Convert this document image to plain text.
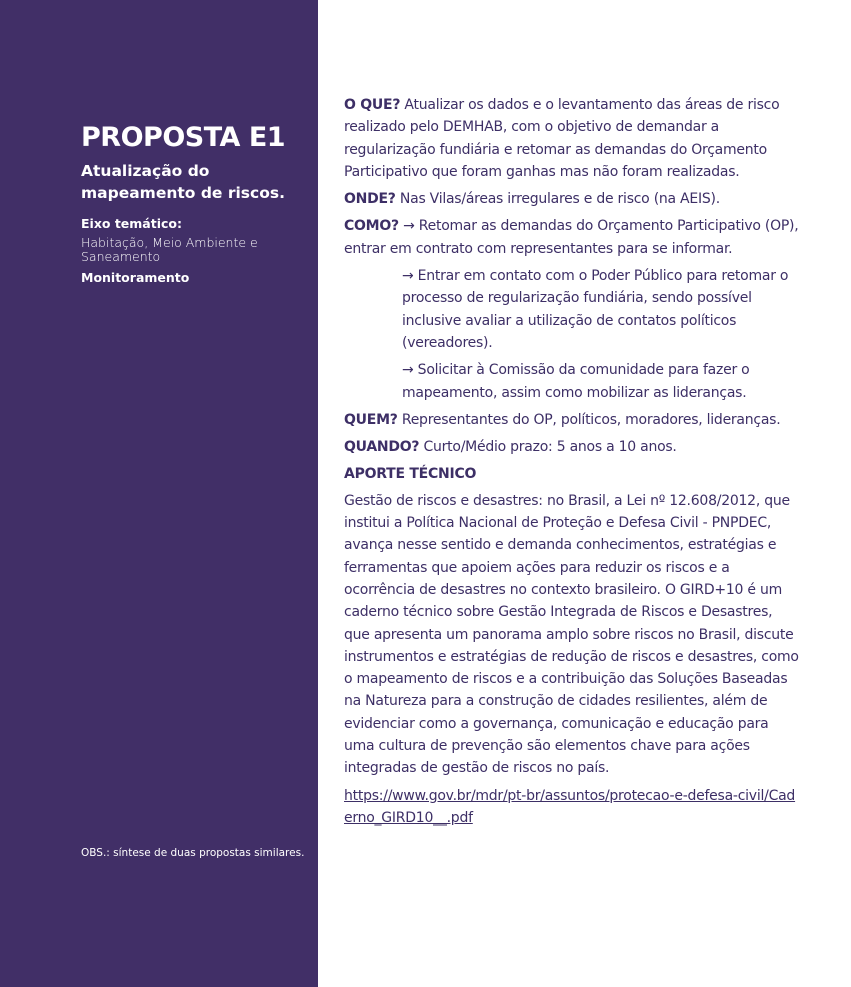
PROPOSTA E1
Atualização do mapeamento de riscos.
Eixo temático:
Habitação, Meio Ambiente e Saneamento
Monitoramento
OBS.: síntese de duas propostas similares.

O QUE? Atualizar os dados e o levantamento das áreas de risco realizado pelo DEMHAB, com o objetivo de demandar a regularização fundiária e retomar as demandas do Orçamento Participativo que foram ganhas mas não foram realizadas.

ONDE? Nas Vilas/áreas irregulares e de risco (na AEIS).

COMO? → Retomar as demandas do Orçamento Participativo (OP), entrar em contrato com representantes para se informar.

→ Entrar em contato com o Poder Público para retomar o processo de regularização fundiária, sendo possível inclusive avaliar a utilização de contatos políticos (vereadores).

→ Solicitar à Comissão da comunidade para fazer o mapeamento, assim como mobilizar as lideranças.

QUEM? Representantes do OP, políticos, moradores, lideranças.

QUANDO? Curto/Médio prazo: 5 anos a 10 anos.

APORTE TÉCNICO

Gestão de riscos e desastres: no Brasil, a Lei nº 12.608/2012, que institui a Política Nacional de Proteção e Defesa Civil - PNPDEC, avança nesse sentido e demanda conhecimentos, estratégias e ferramentas que apoiem ações para reduzir os riscos e a ocorrência de desastres no contexto brasileiro. O GIRD+10 é um caderno técnico sobre Gestão Integrada de Riscos e Desastres, que apresenta um panorama amplo sobre riscos no Brasil, discute instrumentos e estratégias de redução de riscos e desastres, como o mapeamento de riscos e a contribuição das Soluções Baseadas na Natureza para a construção de cidades resilientes, além de evidenciar como a governança, comunicação e educação para uma cultura de prevenção são elementos chave para ações integradas de gestão de riscos no país.

https://www.gov.br/mdr/pt-br/assuntos/protecao-e-defesa-civil/Caderno_GIRD10__.pdf
